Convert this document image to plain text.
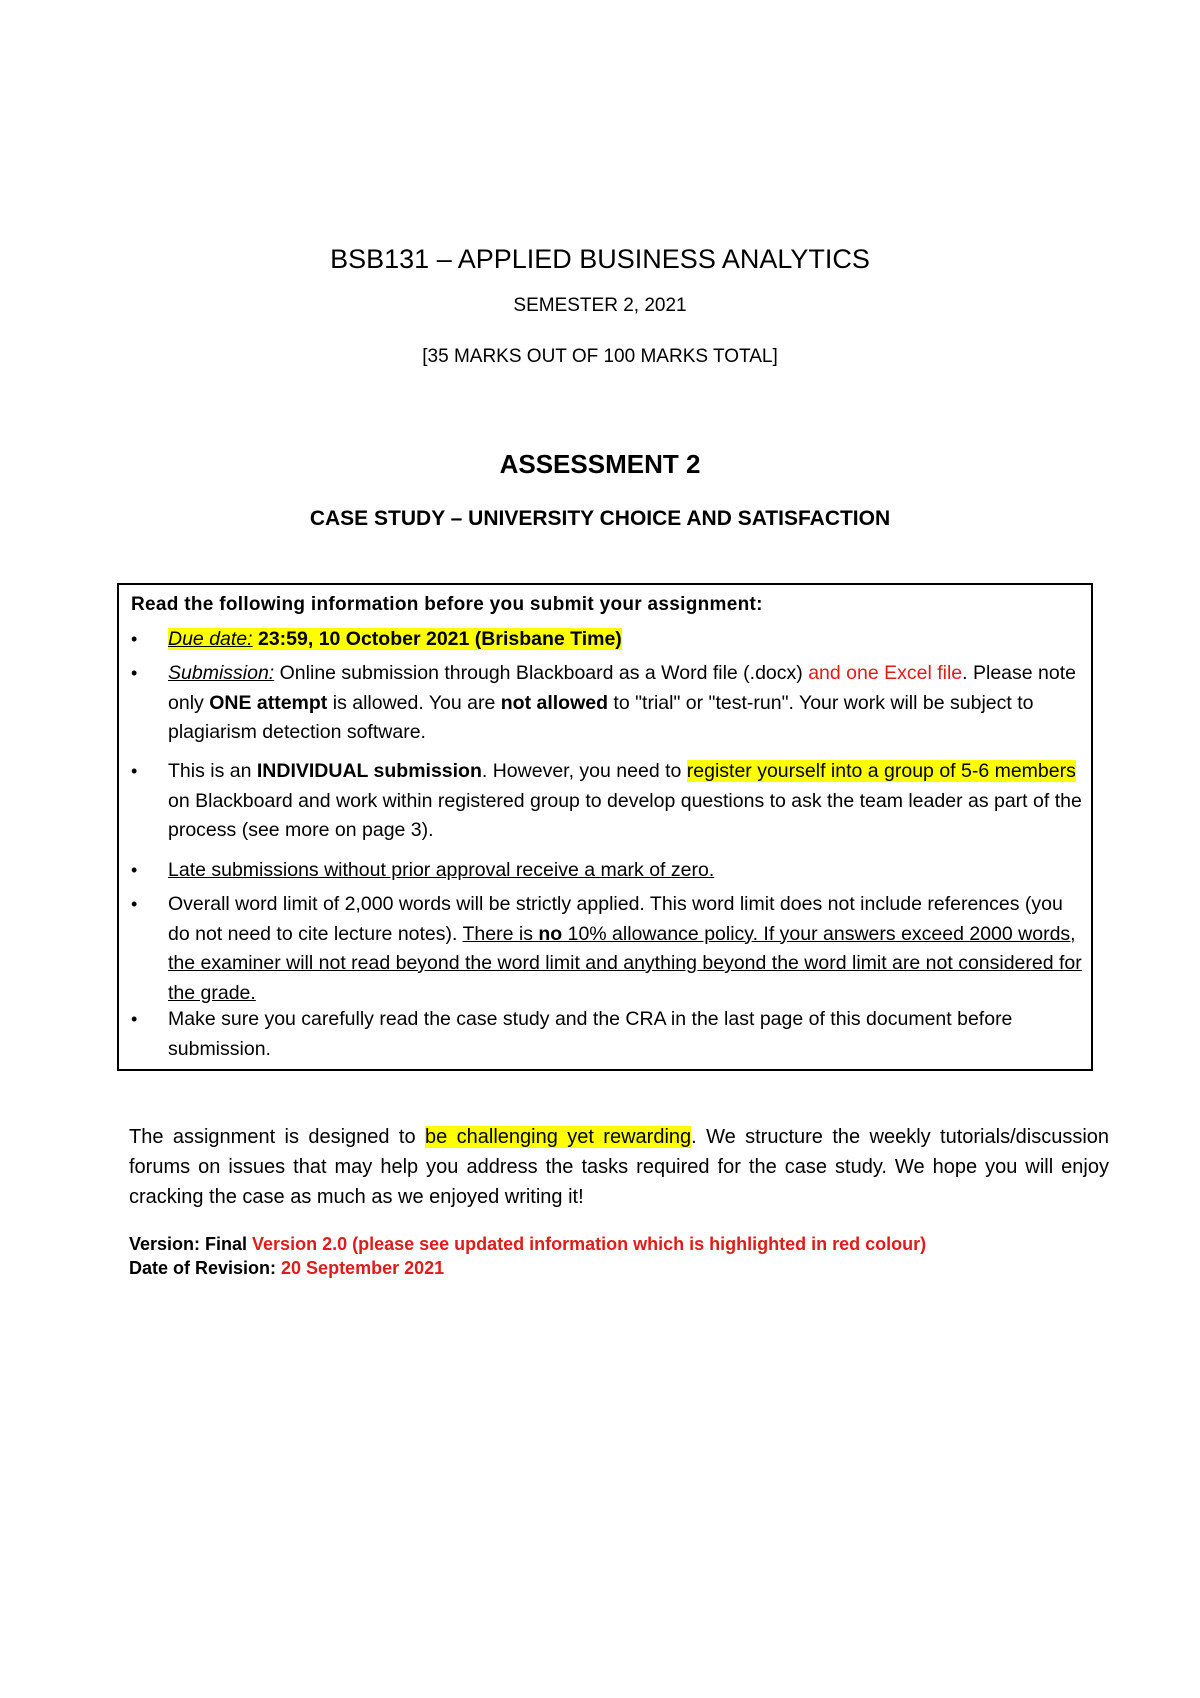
BSB131 – APPLIED BUSINESS ANALYTICS
SEMESTER 2, 2021
[35 MARKS OUT OF 100 MARKS TOTAL]
ASSESSMENT 2
CASE STUDY – UNIVERSITY CHOICE AND SATISFACTION
Read the following information before you submit your assignment:
•	Due date: 23:59, 10 October 2021 (Brisbane Time)
•	Submission: Online submission through Blackboard as a Word file (.docx) and one Excel file. Please note only ONE attempt is allowed. You are not allowed to "trial" or "test-run". Your work will be subject to plagiarism detection software.
•	This is an INDIVIDUAL submission. However, you need to register yourself into a group of 5-6 members on Blackboard and work within registered group to develop questions to ask the team leader as part of the process (see more on page 3).
•	Late submissions without prior approval receive a mark of zero.
•	Overall word limit of 2,000 words will be strictly applied. This word limit does not include references (you do not need to cite lecture notes). There is no 10% allowance policy. If your answers exceed 2000 words, the examiner will not read beyond the word limit and anything beyond the word limit are not considered for the grade.
•	Make sure you carefully read the case study and the CRA in the last page of this document before submission.
The assignment is designed to be challenging yet rewarding. We structure the weekly tutorials/discussion forums on issues that may help you address the tasks required for the case study. We hope you will enjoy cracking the case as much as we enjoyed writing it!
Version: Final Version 2.0 (please see updated information which is highlighted in red colour)
Date of Revision: 20 September 2021
